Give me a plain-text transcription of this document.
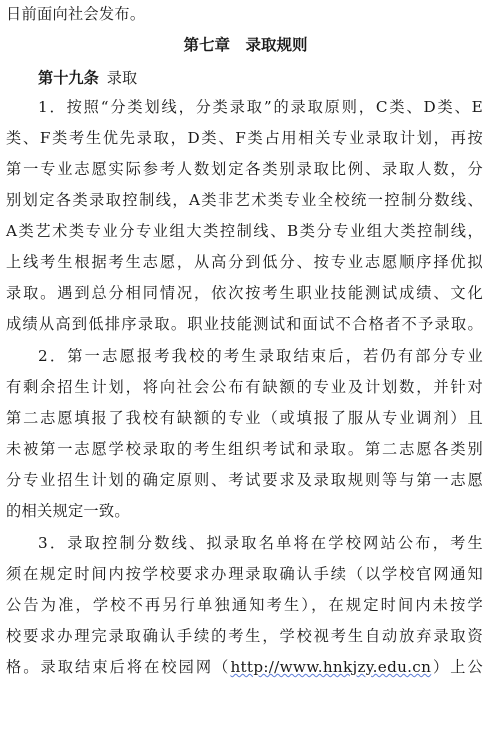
日前面向社会发布。
第七章　录取规则
第十九条 录取
1．按照“分类划线，分类录取”的录取原则，C类、D类、E
类、F类考生优先录取，D类、F类占用相关专业录取计划，再按
第一专业志愿实际参考人数划定各类别录取比例、录取人数，分
别划定各类录取控制线，A类非艺术类专业全校统一控制分数线、
A类艺术类专业分专业组大类控制线、B类分专业组大类控制线，
上线考生根据考生志愿，从高分到低分、按专业志愿顺序择优拟
录取。遇到总分相同情况，依次按考生职业技能测试成绩、文化
成绩从高到低排序录取。职业技能测试和面试不合格者不予录取。
2．第一志愿报考我校的考生录取结束后，若仍有部分专业
有剩余招生计划，将向社会公布有缺额的专业及计划数，并针对
第二志愿填报了我校有缺额的专业（或填报了服从专业调剂）且
未被第一志愿学校录取的考生组织考试和录取。第二志愿各类别
分专业招生计划的确定原则、考试要求及录取规则等与第一志愿
的相关规定一致。
3．录取控制分数线、拟录取名单将在学校网站公布，考生
须在规定时间内按学校要求办理录取确认手续（以学校官网通知
公告为准，学校不再另行单独通知考生），在规定时间内未按学
校要求办理完录取确认手续的考生，学校视考生自动放弃录取资
格。录取结束后将在校园网（http://www.hnkjzy.edu.cn）上公
